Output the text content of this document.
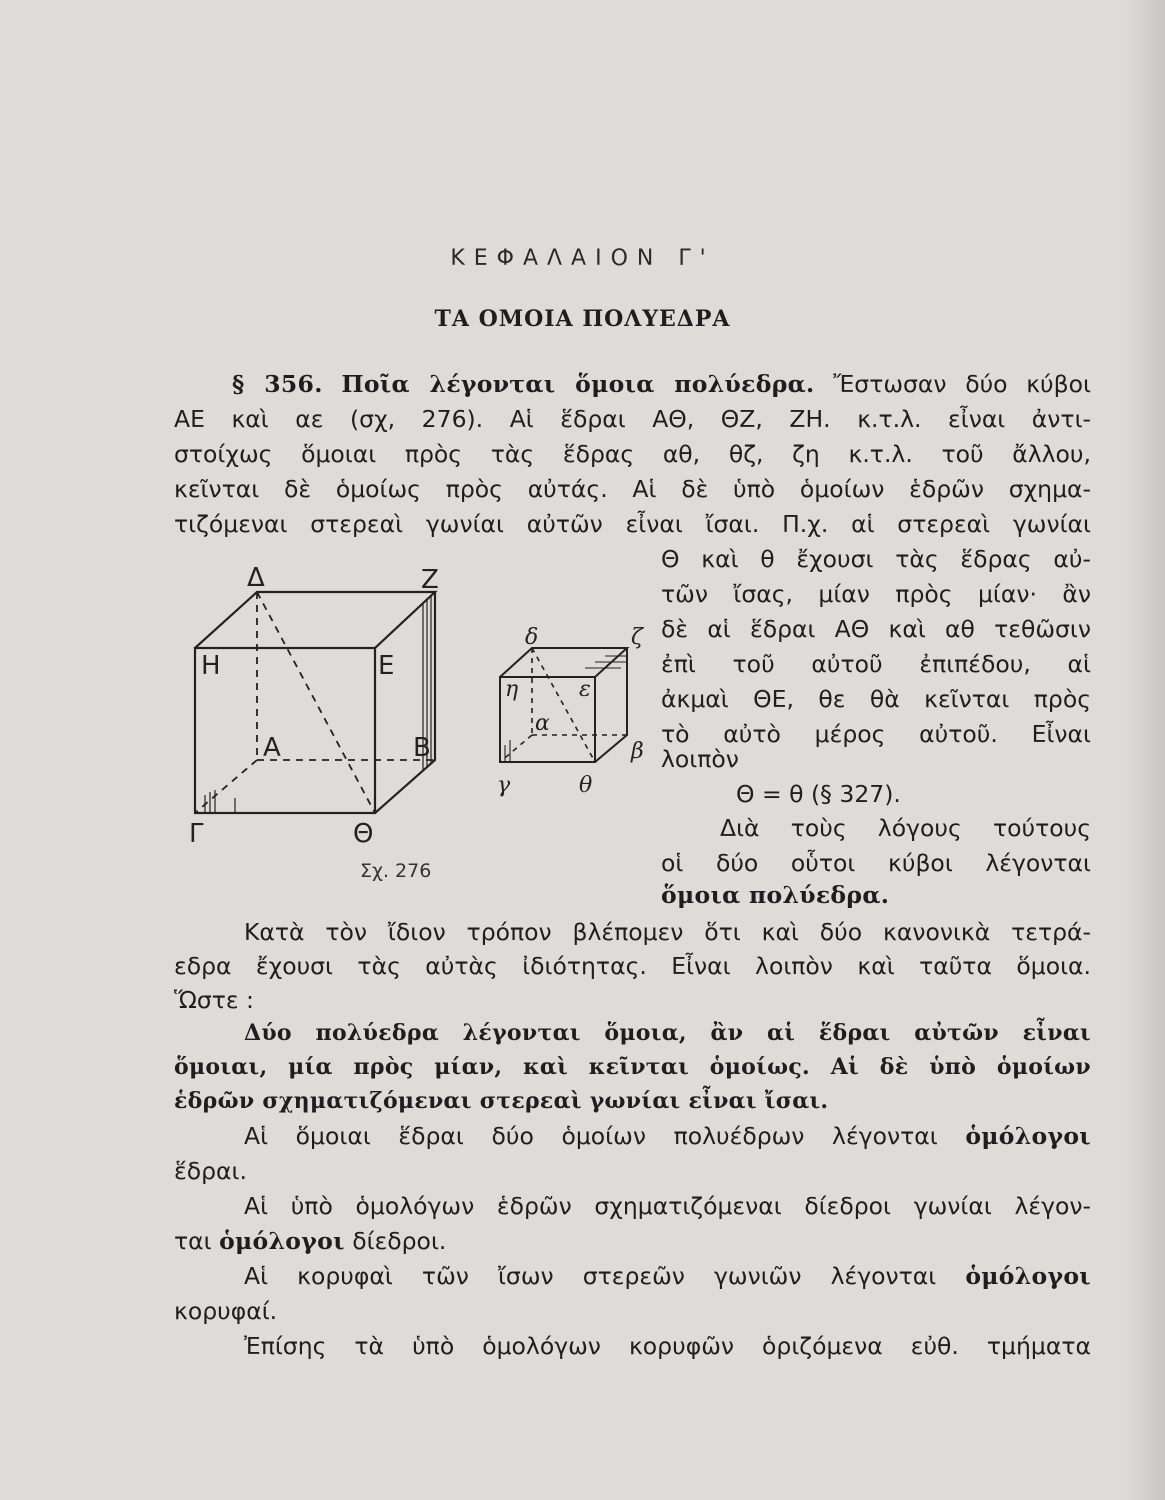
ΚΕΦΑΛΑΙΟΝ Γ'
ΤΑ ΟΜΟΙΑ ΠΟΛΥΕΔΡΑ
§ 356. Ποῖα λέγονται ὅμοια πολύεδρα. Ἔστωσαν δύο κύβοι
ΑΕ καὶ αε (σχ, 276). Αἱ ἕδραι ΑΘ, ΘΖ, ΖΗ. κ.τ.λ. εἶναι ἀντι-
στοίχως ὅμοιαι πρὸς τὰς ἕδρας αθ, θζ, ζη κ.τ.λ. τοῦ ἄλλου,
κεῖνται δὲ ὁμοίως πρὸς αὐτάς. Αἱ δὲ ὑπὸ ὁμοίων ἑδρῶν σχημα-
τιζόμεναι στερεαὶ γωνίαι αὐτῶν εἶναι ἴσαι. Π.χ. αἱ στερεαὶ γωνίαι
Δ	Ζ
Η	Ε
Α	Β
Γ	Θ
δ	ζ
η	ε
α
β
γ	θ
Σχ. 276
Θ καὶ θ ἔχουσι τὰς ἕδρας αὐ-
τῶν ἴσας, μίαν πρὸς μίαν· ἂν
δὲ αἱ ἕδραι ΑΘ καὶ αθ τεθῶσιν
ἐπὶ τοῦ αὐτοῦ ἐπιπέδου, αἱ
ἀκμαὶ ΘΕ, θε θὰ κεῖνται πρὸς
τὸ αὐτὸ μέρος αὐτοῦ. Εἶναι
λοιπὸν
Θ = θ (§ 327).
Διὰ τοὺς λόγους τούτους
οἱ δύο οὗτοι κύβοι λέγονται
ὅμοια πολύεδρα.
Κατὰ τὸν ἴδιον τρόπον βλέπομεν ὅτι καὶ δύο κανονικὰ τετρά-
εδρα ἔχουσι τὰς αὐτὰς ἰδιότητας. Εἶναι λοιπὸν καὶ ταῦτα ὅμοια.
Ὥστε :
Δύο πολύεδρα λέγονται ὅμοια, ἂν αἱ ἕδραι αὐτῶν εἶναι
ὅμοιαι, μία πρὸς μίαν, καὶ κεῖνται ὁμοίως. Αἱ δὲ ὑπὸ ὁμοίων
ἑδρῶν σχηματιζόμεναι στερεαὶ γωνίαι εἶναι ἴσαι.
Αἱ ὅμοιαι ἕδραι δύο ὁμοίων πολυέδρων λέγονται ὁμόλογοι
ἕδραι.
Αἱ ὑπὸ ὁμολόγων ἑδρῶν σχηματιζόμεναι δίεδροι γωνίαι λέγον-
ται ὁμόλογοι δίεδροι.
Αἱ κορυφαὶ τῶν ἴσων στερεῶν γωνιῶν λέγονται ὁμόλογοι
κορυφαί.
Ἐπίσης τὰ ὑπὸ ὁμολόγων κορυφῶν ὁριζόμενα εὐθ. τμήματα
